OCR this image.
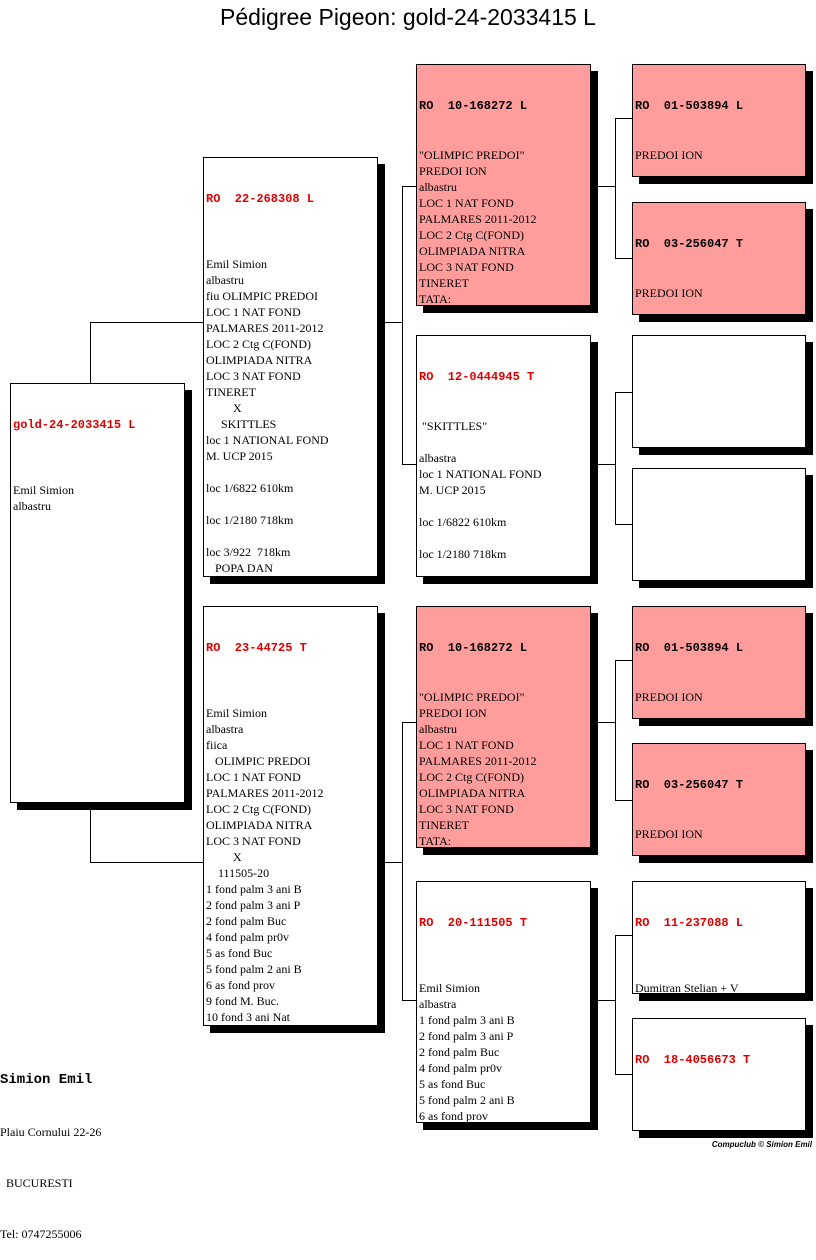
Pédigree Pigeon: gold-24-2033415 L

gold-24-2033415 L

Emil Simion
albastru

RO  22-268308 L

Emil Simion
albastru
fiu OLIMPIC PREDOI
LOC 1 NAT FOND
PALMARES 2011-2012
LOC 2 Ctg C(FOND)
OLIMPIADA NITRA
LOC 3 NAT FOND
TINERET
X
SKITTLES
loc 1 NATIONAL FOND
M. UCP 2015
loc 1/6822 610km
loc 1/2180 718km
loc 3/922  718km
POPA DAN

RO  23-44725 T

Emil Simion
albastra
fiica
OLIMPIC PREDOI
LOC 1 NAT FOND
PALMARES 2011-2012
LOC 2 Ctg C(FOND)
OLIMPIADA NITRA
LOC 3 NAT FOND
X
111505-20
1 fond palm 3 ani B
2 fond palm 3 ani P
2 fond palm Buc
4 fond palm pr0v
5 as fond Buc
5 fond palm 2 ani B
6 as fond prov
9 fond M. Buc.
10 fond 3 ani Nat

RO  10-168272 L

"OLIMPIC PREDOI"
PREDOI ION
albastru
LOC 1 NAT FOND
PALMARES 2011-2012
LOC 2 Ctg C(FOND)
OLIMPIADA NITRA
LOC 3 NAT FOND
TINERET
TATA:

RO  12-0444945 T

"SKITTLES"
albastra
loc 1 NATIONAL FOND
M. UCP 2015
loc 1/6822 610km
loc 1/2180 718km

RO  10-168272 L

"OLIMPIC PREDOI"
PREDOI ION
albastru
LOC 1 NAT FOND
PALMARES 2011-2012
LOC 2 Ctg C(FOND)
OLIMPIADA NITRA
LOC 3 NAT FOND
TINERET
TATA:

RO  20-111505 T

Emil Simion
albastra
1 fond palm 3 ani B
2 fond palm 3 ani P
2 fond palm Buc
4 fond palm pr0v
5 as fond Buc
5 fond palm 2 ani B
6 as fond prov

RO  01-503894 L

PREDOI ION

RO  03-256047 T

PREDOI ION

RO  01-503894 L

PREDOI ION

RO  03-256047 T

PREDOI ION

RO  11-237088 L

Dumitran Stelian + V

RO  18-4056673 T

Simion Emil

Plaiu Cornului 22-26

BUCURESTI

Tel: 0747255006

Compuclub © Simion Emil
